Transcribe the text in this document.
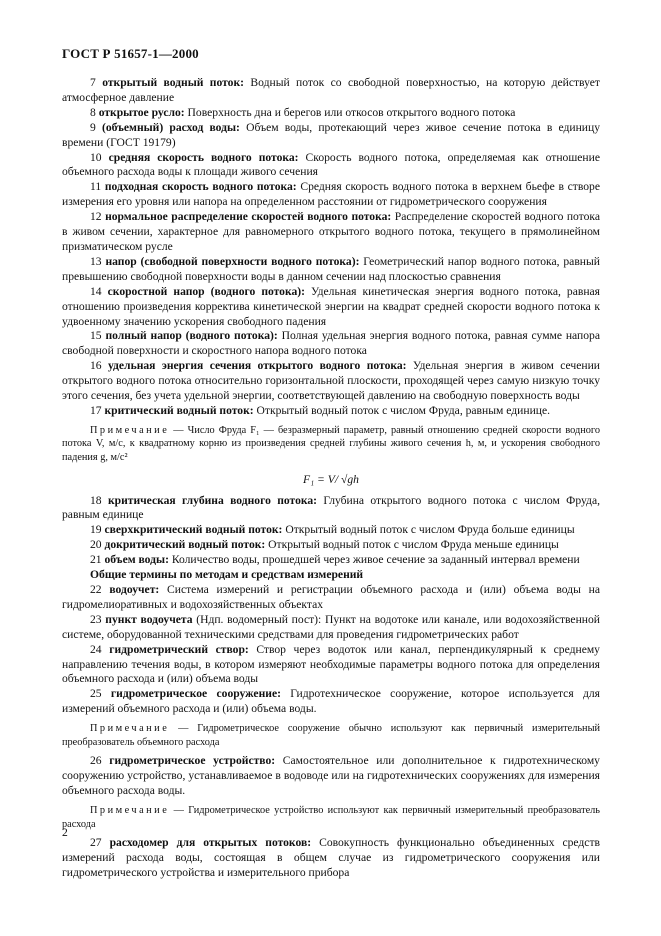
ГОСТ Р 51657-1—2000

7 открытый водный поток: Водный поток со свободной поверхностью, на которую действует атмосферное давление

8 открытое русло: Поверхность дна и берегов или откосов открытого водного потока

9 (объемный) расход воды: Объем воды, протекающий через живое сечение потока в единицу времени (ГОСТ 19179)

10 средняя скорость водного потока: Скорость водного потока, определяемая как отношение объемного расхода воды к площади живого сечения

11 подходная скорость водного потока: Средняя скорость водного потока в верхнем бьефе в створе измерения его уровня или напора на определенном расстоянии от гидрометрического сооружения

12 нормальное распределение скоростей водного потока: Распределение скоростей водного потока в живом сечении, характерное для равномерного открытого водного потока, текущего в прямолинейном призматическом русле

13 напор (свободной поверхности водного потока): Геометрический напор водного потока, равный превышению свободной поверхности воды в данном сечении над плоскостью сравнения

14 скоростной напор (водного потока): Удельная кинетическая энергия водного потока, равная отношению произведения корректива кинетической энергии на квадрат средней скорости водного потока к удвоенному значению ускорения свободного падения

15 полный напор (водного потока): Полная удельная энергия водного потока, равная сумме напора свободной поверхности и скоростного напора водного потока

16 удельная энергия сечения открытого водного потока: Удельная энергия в живом сечении открытого водного потока относительно горизонтальной плоскости, проходящей через самую низкую точку этого сечения, без учета удельной энергии, соответствующей давлению на свободную поверхность воды

17 критический водный поток: Открытый водный поток с числом Фруда, равным единице.

Примечание — Число Фруда F₁ — безразмерный параметр, равный отношению средней скорости водного потока V, м/с, к квадратному корню из произведения средней глубины живого сечения h, м, и ускорения свободного падения g, м/с²

F₁ = V/ √gh

18 критическая глубина водного потока: Глубина открытого водного потока с числом Фруда, равным единице

19 сверхкритический водный поток: Открытый водный поток с числом Фруда больше единицы

20 докритический водный поток: Открытый водный поток с числом Фруда меньше единицы

21 объем воды: Количество воды, прошедшей через живое сечение за заданный интервал времени

Общие термины по методам и средствам измерений

22 водоучет: Система измерений и регистрации объемного расхода и (или) объема воды на гидромелиоративных и водохозяйственных объектах

23 пункт водоучета (Ндп. водомерный пост): Пункт на водотоке или канале, или водохозяйственной системе, оборудованной техническими средствами для проведения гидрометрических работ

24 гидрометрический створ: Створ через водоток или канал, перпендикулярный к среднему направлению течения воды, в котором измеряют необходимые параметры водного потока для определения объемного расхода и (или) объема воды

25 гидрометрическое сооружение: Гидротехническое сооружение, которое используется для измерений объемного расхода и (или) объема воды.

Примечание — Гидрометрическое сооружение обычно используют как первичный измерительный преобразователь объемного расхода

26 гидрометрическое устройство: Самостоятельное или дополнительное к гидротехническому сооружению устройство, устанавливаемое в водоводе или на гидротехнических сооружениях для измерения объемного расхода воды.

Примечание — Гидрометрическое устройство используют как первичный измерительный преобразователь расхода

27 расходомер для открытых потоков: Совокупность функционально объединенных средств измерений расхода воды, состоящая в общем случае из гидрометрического сооружения или гидрометрического устройства и измерительного прибора

2
